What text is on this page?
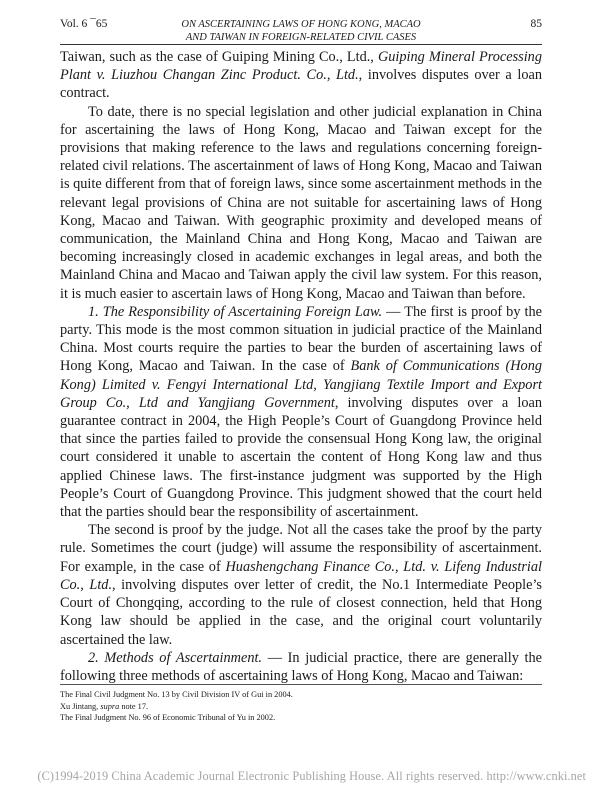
Vol. 6 ¯65	ON ASCERTAINING LAWS OF HONG KONG, MACAO
AND TAIWAN IN FOREIGN-RELATED CIVIL CASES
85

Taiwan, such as the case of Guiping Mining Co., Ltd., Guiping Mineral Processing Plant v. Liuzhou Changan Zinc Product. Co., Ltd., involves disputes over a loan contract.

To date, there is no special legislation and other judicial explanation in China for ascertaining the laws of Hong Kong, Macao and Taiwan except for the provisions that making reference to the laws and regulations concerning foreign-related civil relations. The ascertainment of laws of Hong Kong, Macao and Taiwan is quite different from that of foreign laws, since some ascertainment methods in the relevant legal provisions of China are not suitable for ascertaining laws of Hong Kong, Macao and Taiwan. With geographic proximity and developed means of communication, the Mainland China and Hong Kong, Macao and Taiwan are becoming increasingly closed in academic exchanges in legal areas, and both the Mainland China and Macao and Taiwan apply the civil law system. For this reason, it is much easier to ascertain laws of Hong Kong, Macao and Taiwan than before.

1. The Responsibility of Ascertaining Foreign Law. — The first is proof by the party. This mode is the most common situation in judicial practice of the Mainland China. Most courts require the parties to bear the burden of ascertaining laws of Hong Kong, Macao and Taiwan. In the case of Bank of Communications (Hong Kong) Limited v. Fengyi International Ltd, Yangjiang Textile Import and Export Group Co., Ltd and Yangjiang Government, involving disputes over a loan guarantee contract in 2004, the High People’s Court of Guangdong Province held that since the parties failed to provide the consensual Hong Kong law, the original court considered it unable to ascertain the content of Hong Kong law and thus applied Chinese laws. The first-instance judgment was supported by the High People’s Court of Guangdong Province. This judgment showed that the court held that the parties should bear the responsibility of ascertainment.

The second is proof by the judge. Not all the cases take the proof by the party rule. Sometimes the court (judge) will assume the responsibility of ascertainment. For example, in the case of Huashengchang Finance Co., Ltd. v. Lifeng Industrial Co., Ltd., involving disputes over letter of credit, the No.1 Intermediate People’s Court of Chongqing, according to the rule of closest connection, held that Hong Kong law should be applied in the case, and the original court voluntarily ascertained the law.

2. Methods of Ascertainment. — In judicial practice, there are generally the following three methods of ascertaining laws of Hong Kong, Macao and Taiwan:

The Final Civil Judgment No. 13 by Civil Division IV of Gui in 2004.
Xu Jintang, supra note 17.
The Final Judgment No. 96 of Economic Tribunal of Yu in 2002.
(C)1994-2019 China Academic Journal Electronic Publishing House. All rights reserved. http://www.cnki.net
